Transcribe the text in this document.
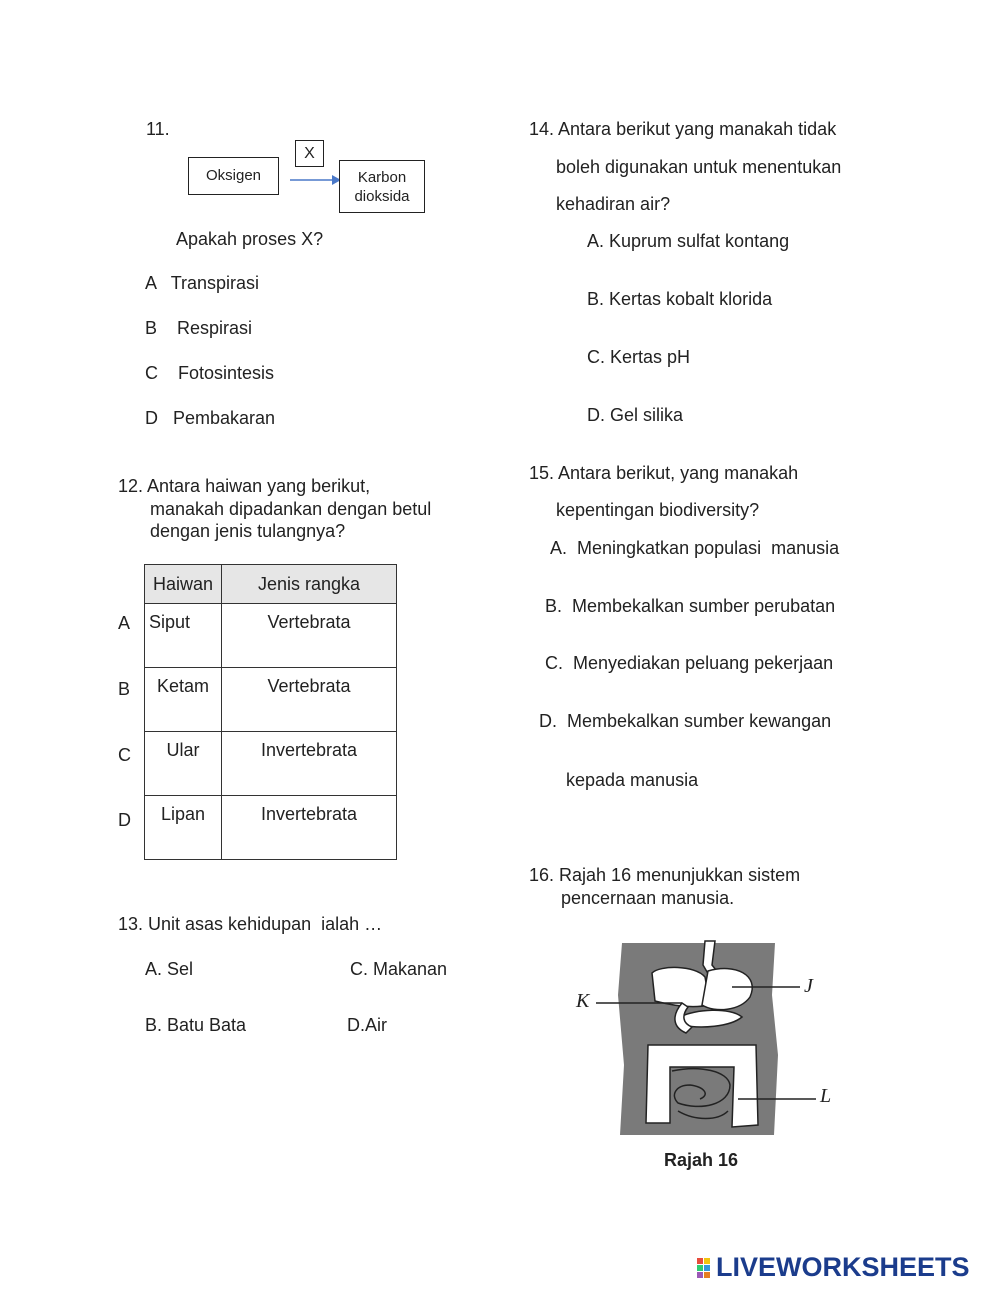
11.
X
Oksigen	Karbon
dioksida
Apakah proses X?
A   Transpirasi
B    Respirasi
C    Fotosintesis
D   Pembakaran
12. Antara haiwan yang berikut,
manakah dipadankan dengan betul
dengan jenis tulangnya?
Haiwan	Jenis rangka
Siput	Vertebrata
Ketam	Vertebrata
Ular	Invertebrata
Lipan	Invertebrata
A
B
C
D
13. Unit asas kehidupan  ialah …
A. Sel	C. Makanan
B. Batu Bata	D.Air
14. Antara berikut yang manakah tidak
boleh digunakan untuk menentukan
kehadiran air?
A. Kuprum sulfat kontang
B. Kertas kobalt klorida
C. Kertas pH
D. Gel silika
15. Antara berikut, yang manakah
kepentingan biodiversity?
A.  Meningkatkan populasi  manusia
B.  Membekalkan sumber perubatan
C.  Menyediakan peluang pekerjaan
D.  Membekalkan sumber kewangan
kepada manusia
16. Rajah 16 menunjukkan sistem
pencernaan manusia.
K
J
L
Rajah 16
LIVEWORKSHEETS
